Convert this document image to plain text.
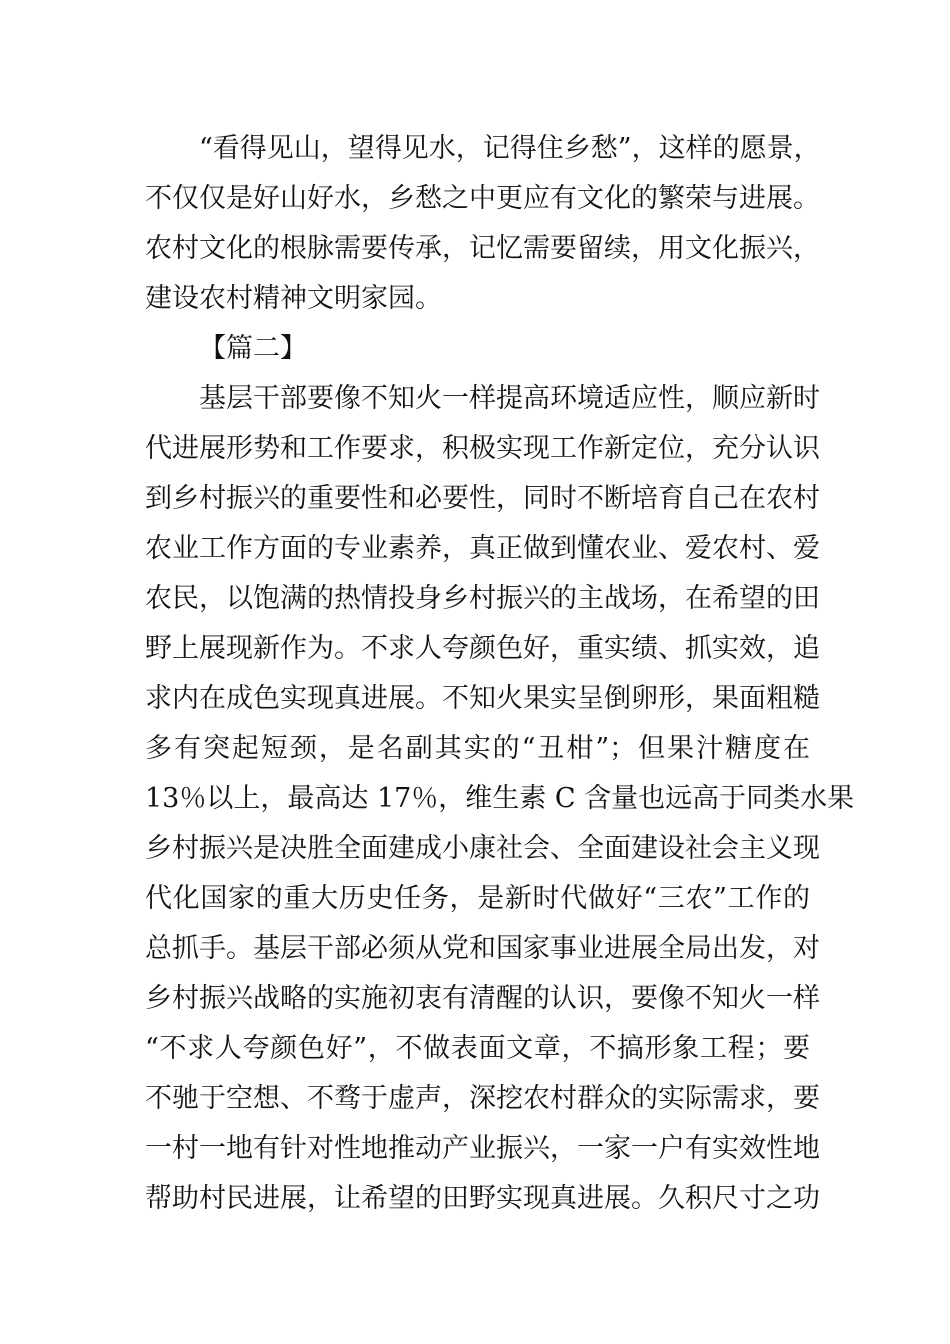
“看得见山，望得见水，记得住乡愁”，这样的愿景，
不仅仅是好山好水，乡愁之中更应有文化的繁荣与进展。
农村文化的根脉需要传承，记忆需要留续，用文化振兴，
建设农村精神文明家园。
【篇二】
基层干部要像不知火一样提高环境适应性，顺应新时
代进展形势和工作要求，积极实现工作新定位，充分认识
到乡村振兴的重要性和必要性，同时不断培育自己在农村
农业工作方面的专业素养，真正做到懂农业、爱农村、爱
农民，以饱满的热情投身乡村振兴的主战场，在希望的田
野上展现新作为。不求人夸颜色好，重实绩、抓实效，追
求内在成色实现真进展。不知火果实呈倒卵形，果面粗糙
多有突起短颈，是名副其实的“丑柑”；但果汁糖度在
13％以上，最高达 17％，维生素 C 含量也远高于同类水果
乡村振兴是决胜全面建成小康社会、全面建设社会主义现
代化国家的重大历史任务，是新时代做好“三农”工作的
总抓手。基层干部必须从党和国家事业进展全局出发，对
乡村振兴战略的实施初衷有清醒的认识，要像不知火一样
“不求人夸颜色好”，不做表面文章，不搞形象工程；要
不驰于空想、不骛于虚声，深挖农村群众的实际需求，要
一村一地有针对性地推动产业振兴，一家一户有实效性地
帮助村民进展，让希望的田野实现真进展。久积尺寸之功
